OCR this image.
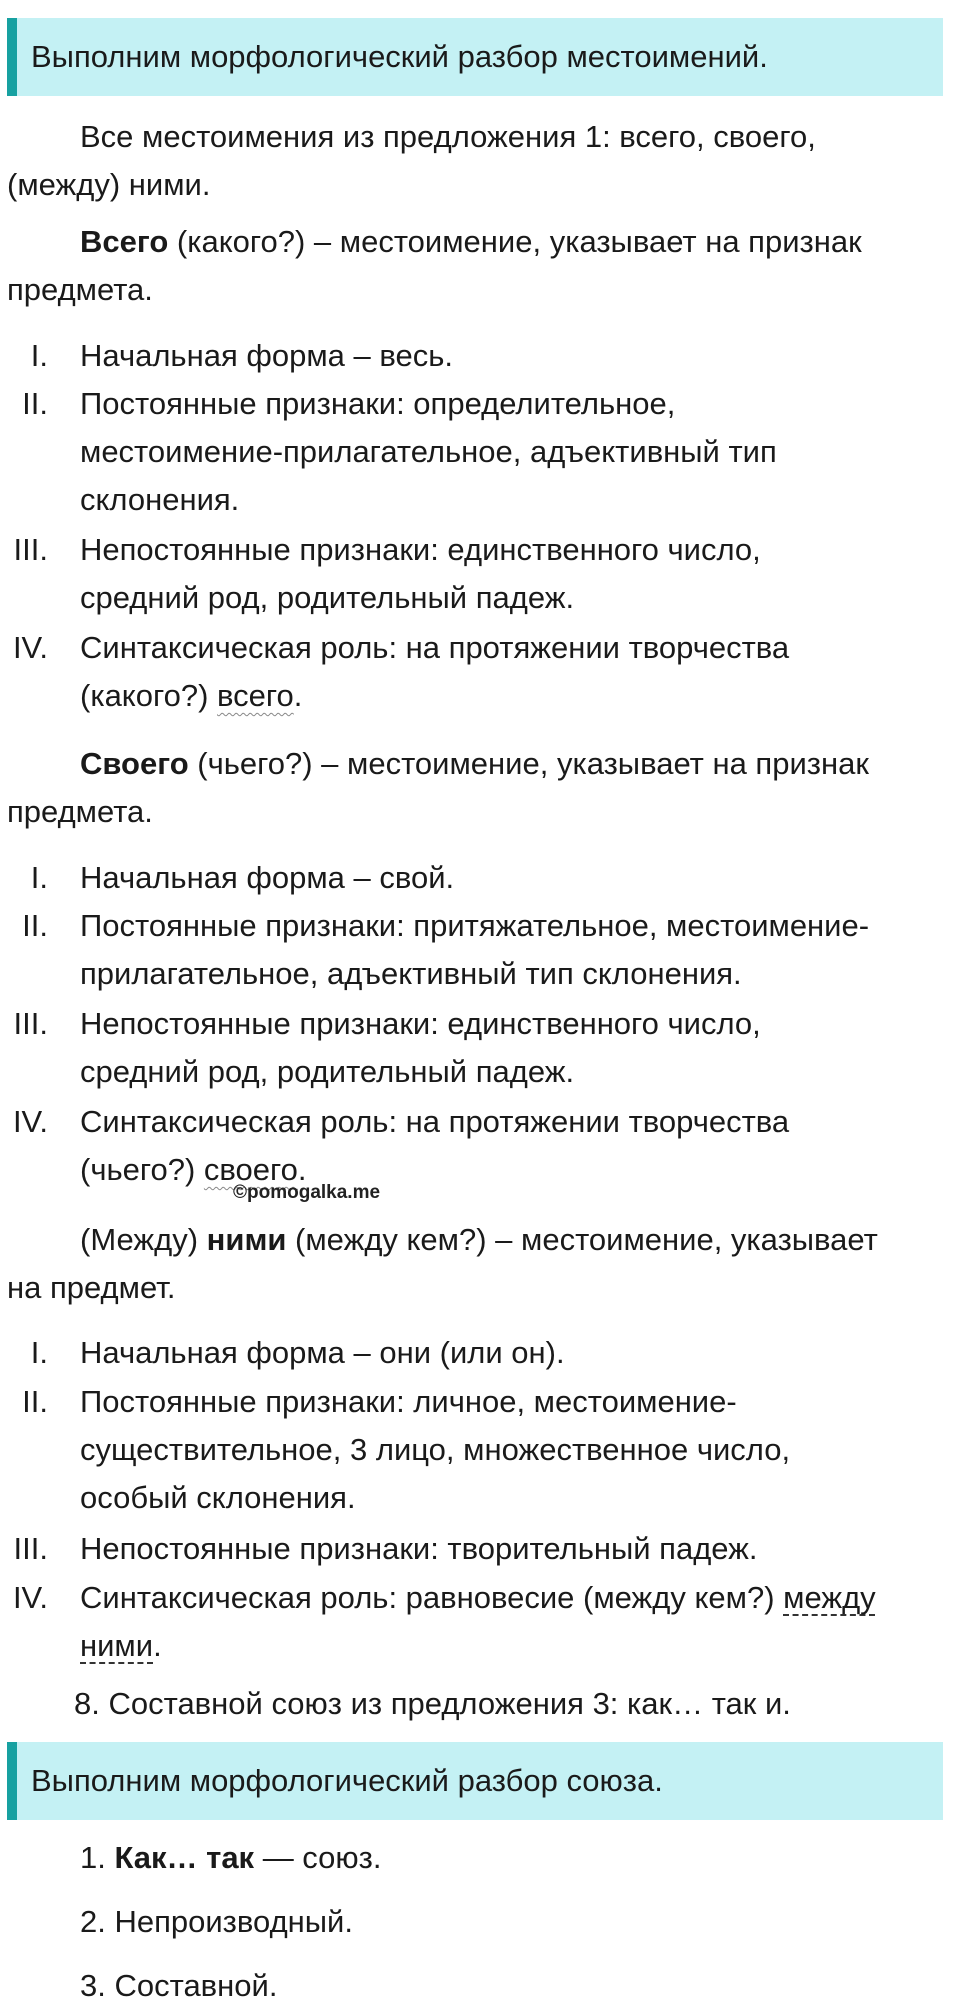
Выполним морфологический разбор местоимений.
Все местоимения из предложения 1: всего, своего,
(между) ними.
Всего (какого?) – местоимение, указывает на признак
предмета.
I. Начальная форма – весь.
II. Постоянные признаки: определительное,
местоимение-прилагательное, адъективный тип
склонения.
III. Непостоянные признаки: единственного число,
средний род, родительный падеж.
IV. Синтаксическая роль: на протяжении творчества
(какого?) всего.
Своего (чьего?) – местоимение, указывает на признак
предмета.
I. Начальная форма – свой.
II. Постоянные признаки: притяжательное, местоимение-
прилагательное, адъективный тип склонения.
III. Непостоянные признаки: единственного число,
средний род, родительный падеж.
IV. Синтаксическая роль: на протяжении творчества
(чьего?) своего.
©pomogalka.me
(Между) ними (между кем?) – местоимение, указывает
на предмет.
I. Начальная форма – они (или он).
II. Постоянные признаки: личное, местоимение-
существительное, 3 лицо, множественное число,
особый склонения.
III. Непостоянные признаки: творительный падеж.
IV. Синтаксическая роль: равновесие (между кем?) между
ними.
8. Составной союз из предложения 3: как… так и.
Выполним морфологический разбор союза.
1. Как… так — союз.
2. Непроизводный.
3. Составной.
